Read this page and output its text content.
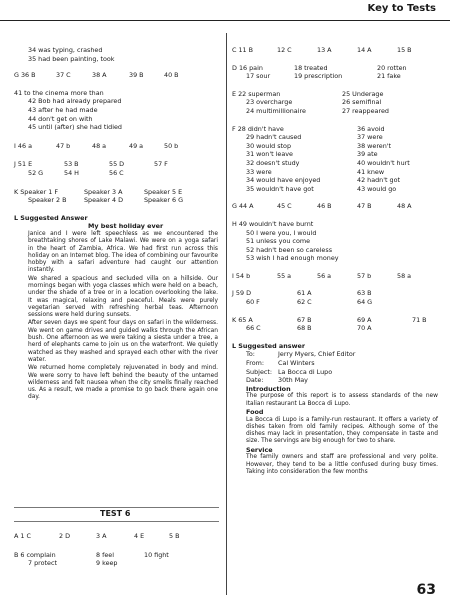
Key to Tests
34 was typing, crashed
35 had been painting, took
G 36 B	37 C	38 A	39 B	40 B
41 to the cinema more than
42 Bob had already prepared
43 after he had made
44 don't get on with
45 until (after) she had tidied
I 46 a	47 b	48 a	49 a	50 b
J 51 E	53 B	55 D	57 F
52 G	54 H	56 C
K Speaker 1 F	Speaker 3 A	Speaker 5 E
Speaker 2 B	Speaker 4 D	Speaker 6 G
L Suggested Answer
My best holiday ever

Janice and I were left speechless as we encountered the breathtaking shores of Lake Malawi. We were on a yoga safari in the heart of Zambia, Africa. We had first run across this holiday on an Internet blog. The idea of combining our favourite hobby with a safari adventure had caught our attention instantly.

We shared a spacious and secluded villa on a hillside. Our mornings began with yoga classes which were held on a beach, under the shade of a tree or in a location overlooking the lake. It was magical, relaxing and peaceful. Meals were purely vegetarian served with refreshing herbal teas. Afternoon sessions were held during sunsets.

After seven days we spent four days on safari in the wilderness. We went on game drives and guided walks through the African bush. One afternoon as we were taking a siesta under a tree, a herd of elephants came to join us on the waterfront. We quietly watched as they washed and sprayed each other with the river water.

We returned home completely rejuvenated in body and mind. We were sorry to have left behind the beauty of the untamed wilderness and felt nausea when the city smells finally reached us. As a result, we made a promise to go back there again one day.

TEST 6
A 1 C	2 D	3 A	4 E	5 B
B 6 complain	8 feel	10 fight
7 protect	9 keep
C 11 B	12 C	13 A	14 A	15 B
D 16 pain	18 treated	20 rotten
17 sour	19 prescription	21 fake
E 22 superman	25 Underage
23 overcharge	26 semifinal
24 multimillionaire	27 reappeared
F 28 didn't have	36 avoid
29 hadn't caused	37 were
30 would stop	38 weren't
31 won't leave	39 ate
32 doesn't study	40 wouldn't hurt
33 were	41 knew
34 would have enjoyed	42 hadn't got
35 wouldn't have got	43 would go
G 44 A	45 C	46 B	47 B	48 A
H 49 wouldn't have burnt
50 I were you, I would
51 unless you come
52 hadn't been so careless
53 wish I had enough money
I 54 b	55 a	56 a	57 b	58 a
J 59 D	61 A	63 B
60 F	62 C	64 G
K 65 A	67 B	69 A	71 B
66 C	68 B	70 A
L Suggested answer
To:	Jerry Myers, Chief Editor
From: Cal Winters
Subject: La Bocca di Lupo
Date: 30th May
Introduction

The purpose of this report is to assess standards of the new Italian restaurant La Bocca di Lupo.

Food

La Bocca di Lupo is a family-run restaurant. It offers a variety of dishes taken from old family recipes. Although some of the dishes may lack in presentation, they compensate in taste and size. The servings are big enough for two to share.

Service

The family owners and staff are professional and very polite. However, they tend to be a little confused during busy times. Taking into consideration the few months

63
